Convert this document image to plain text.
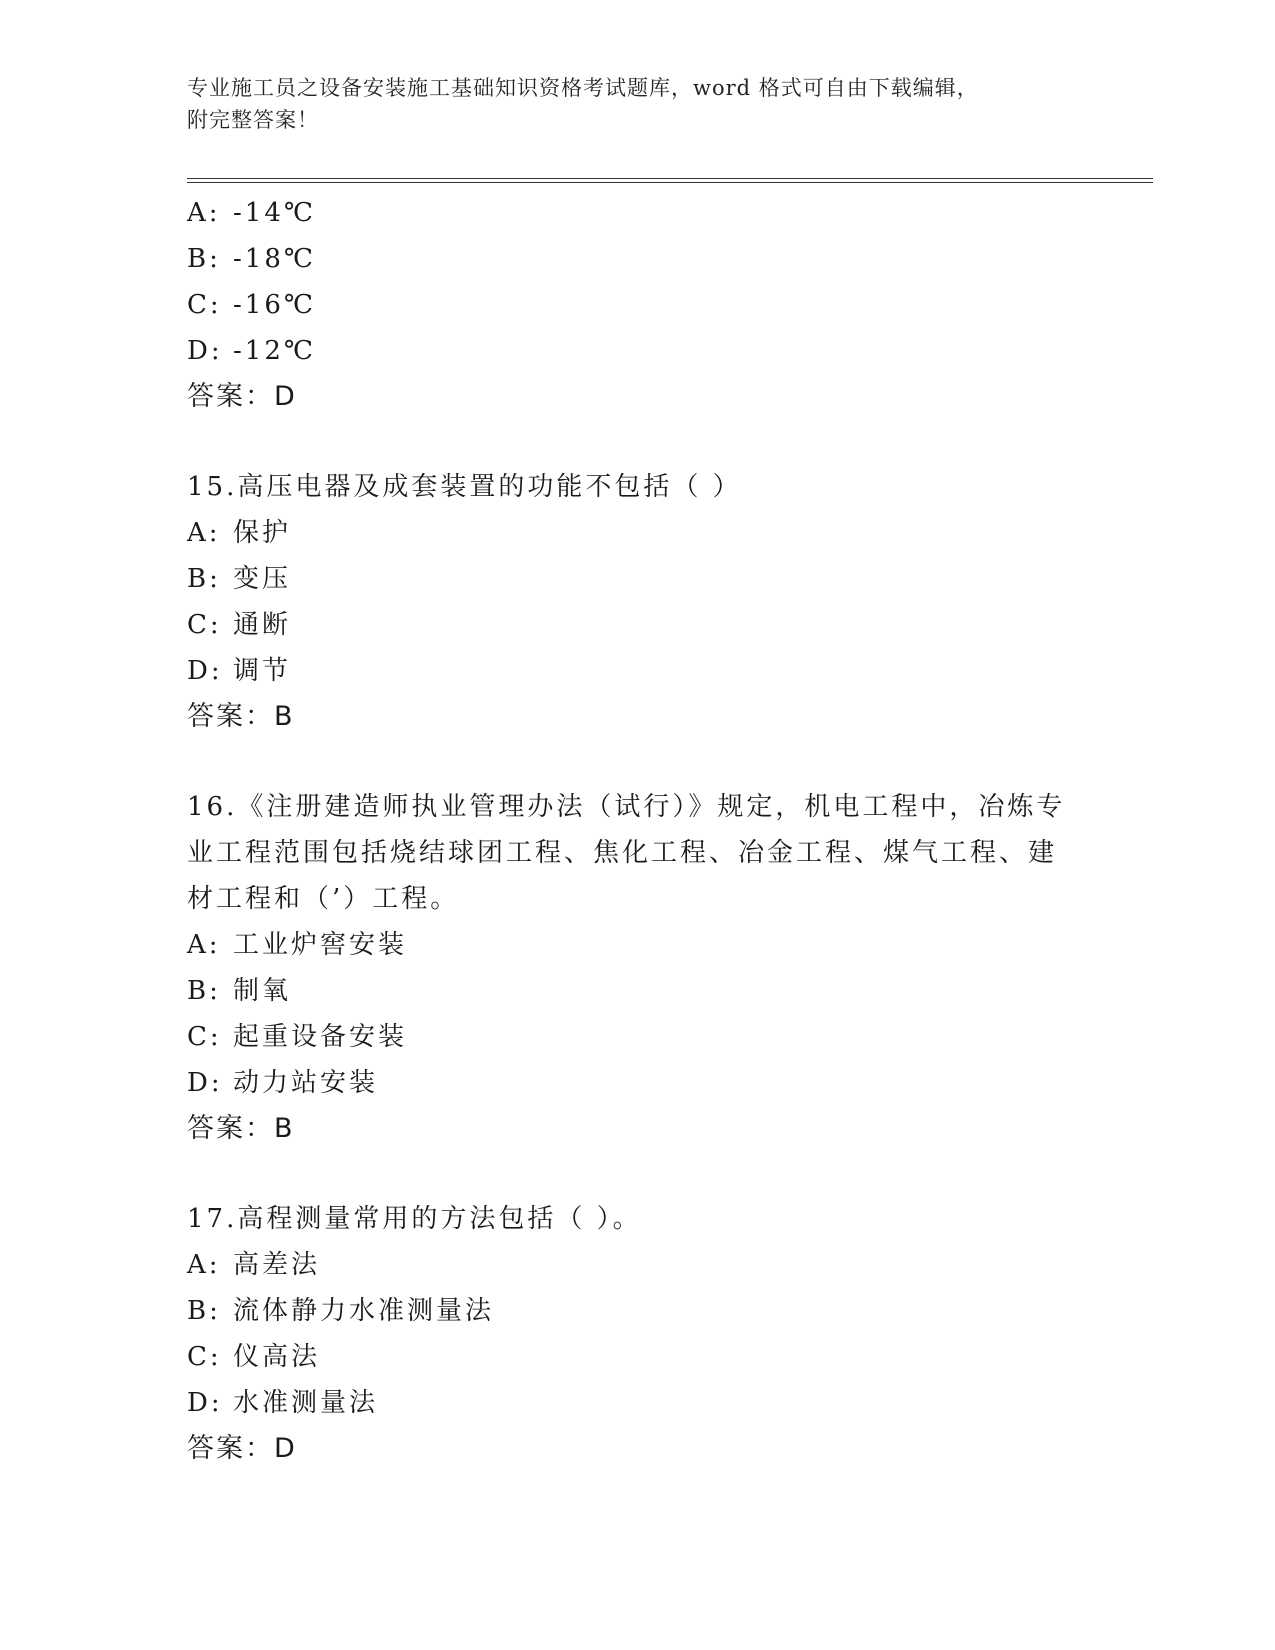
专业施工员之设备安装施工基础知识资格考试题库，word 格式可自由下载编辑，
附完整答案！
A: -14℃
B: -18℃
C: -16℃
D: -12℃
答案：D
15.高压电器及成套装置的功能不包括（ ）
A: 保护
B: 变压
C: 通断
D: 调节
答案：B
16.《注册建造师执业管理办法（试行）》规定，机电工程中，冶炼专
业工程范围包括烧结球团工程、焦化工程、冶金工程、煤气工程、建
材工程和（’）工程。
A: 工业炉窖安装
B: 制氧
C: 起重设备安装
D: 动力站安装
答案：B
17.高程测量常用的方法包括（ ）。
A: 高差法
B: 流体静力水准测量法
C: 仪高法
D: 水准测量法
答案：D
